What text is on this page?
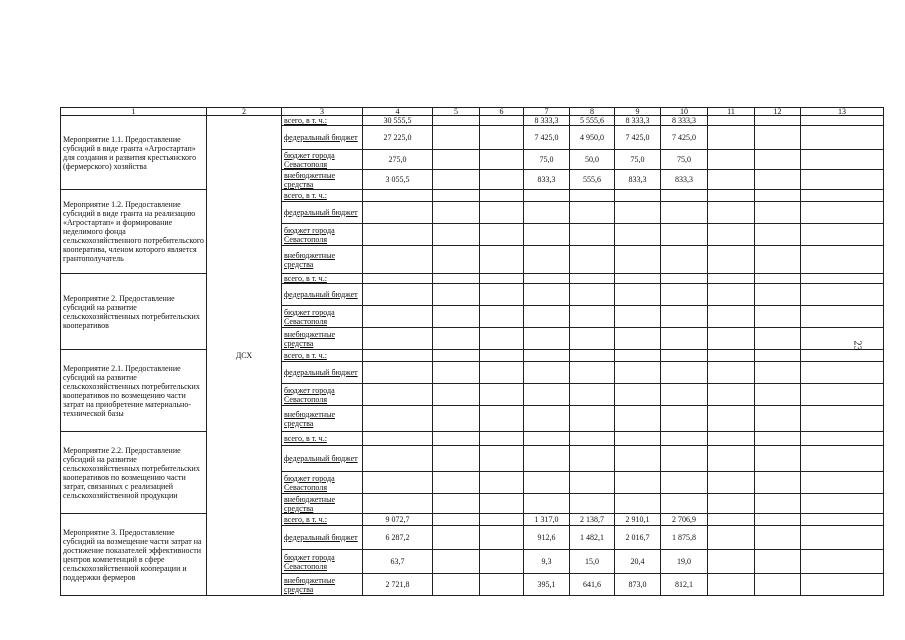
1	2	3	4	5	6	7	8	9	10	11	12	13
Мероприятие 1.1. Предоставление субсидий в виде гранта «Агростартап» для создания и развития крестьянского (фермерского) хозяйства	ДСХ	всего, в т. ч.:	30 555,5			8 333,3	5 555,6	8 333,3	8 333,3			
		федеральный бюджет	27 225,0			7 425,0	4 950,0	7 425,0	7 425,0			
		бюджет города Севастополя	275,0			75,0	50,0	75,0	75,0			
		внебюджетные средства	3 055,5			833,3	555,6	833,3	833,3			
Мероприятие 1.2. Предоставление субсидий в виде гранта на реализацию «Агростартап» и формирование неделимого фонда сельскохозяйственного потребительского кооператива, членом которого является грантополучатель		всего, в т. ч.:										
		федеральный бюджет										
		бюджет города Севастополя										
		внебюджетные средства										
Мероприятие 2. Предоставление субсидий на развитие сельскохозяйственных потребительских кооперативов		всего, в т. ч.:										
		федеральный бюджет										
		бюджет города Севастополя										
		внебюджетные средства										
Мероприятие 2.1. Предоставление субсидий на развитие сельскохозяйственных потребительских кооперативов по возмещению части затрат на приобретение материально-технической базы		всего, в т. ч.:										
		федеральный бюджет										
		бюджет города Севастополя										
		внебюджетные средства										
Мероприятие 2.2. Предоставление субсидий на развитие сельскохозяйственных потребительских кооперативов по возмещению части затрат, связанных с реализацией сельскохозяйственной продукции		всего, в т. ч.:										
		федеральный бюджет										
		бюджет города Севастополя										
		внебюджетные средства										
Мероприятие 3. Предоставление субсидий на возмещение части затрат на достижение показателей эффективности центров компетенций в сфере сельскохозяйственной кооперации и поддержки фермеров		всего, в т. ч.:	9 072,7			1 317,0	2 138,7	2 910,1	2 706,9			
		федеральный бюджет	6 287,2			912,6	1 482,1	2 016,7	1 875,8			
		бюджет города Севастополя	63,7			9,3	15,0	20,4	19,0			
		внебюджетные средства	2 721,8			395,1	641,6	873,0	812,1			
23
